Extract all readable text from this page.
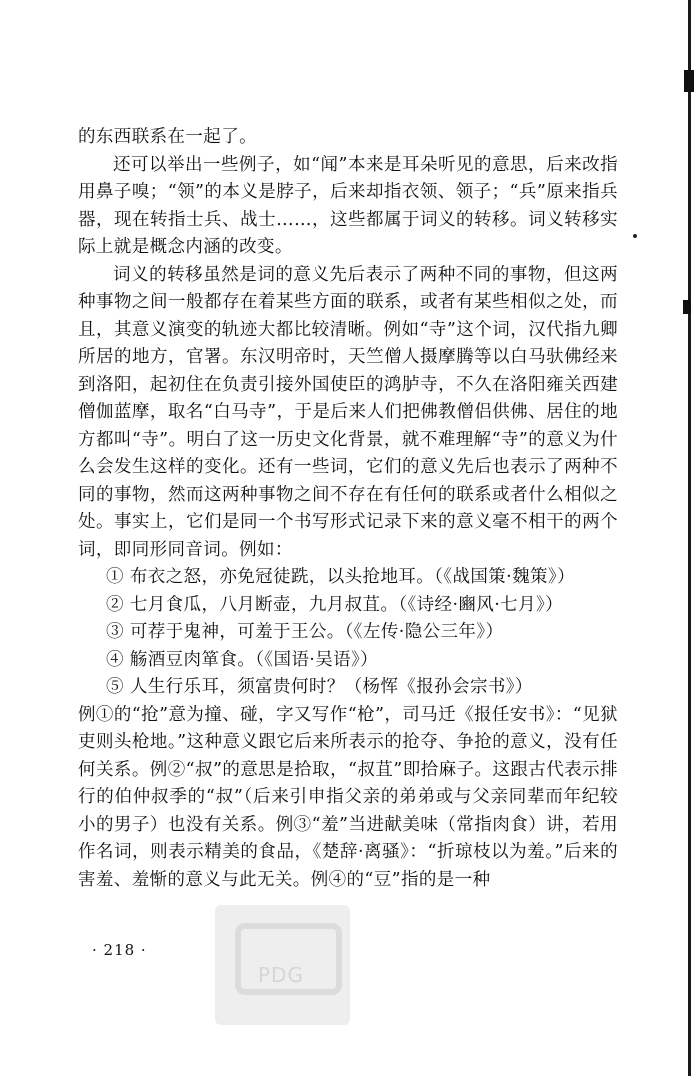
的东西联系在一起了。

还可以举出一些例子，如“闻”本来是耳朵听见的意思，后来改指用鼻子嗅；“领”的本义是脖子，后来却指衣领、领子；“兵”原来指兵器，现在转指士兵、战士……，这些都属于词义的转移。词义转移实际上就是概念内涵的改变。

词义的转移虽然是词的意义先后表示了两种不同的事物，但这两种事物之间一般都存在着某些方面的联系，或者有某些相似之处，而且，其意义演变的轨迹大都比较清晰。例如“寺”这个词，汉代指九卿所居的地方，官署。东汉明帝时，天竺僧人摄摩腾等以白马驮佛经来到洛阳，起初住在负责引接外国使臣的鸿胪寺，不久在洛阳雍关西建僧伽蓝摩，取名“白马寺”，于是后来人们把佛教僧侣供佛、居住的地方都叫“寺”。明白了这一历史文化背景，就不难理解“寺”的意义为什么会发生这样的变化。还有一些词，它们的意义先后也表示了两种不同的事物，然而这两种事物之间不存在有任何的联系或者什么相似之处。事实上，它们是同一个书写形式记录下来的意义毫不相干的两个词，即同形同音词。例如：

① 布衣之怒，亦免冠徒跣，以头抢地耳。（《战国策·魏策》）

② 七月食瓜，八月断壶，九月叔苴。（《诗经·豳风·七月》）

③ 可荐于鬼神，可羞于王公。（《左传·隐公三年》）

④ 觞酒豆肉箪食。（《国语·吴语》）

⑤ 人生行乐耳，须富贵何时？（杨恽《报孙会宗书》）

例①的“抢”意为撞、碰，字又写作“枪”，司马迁《报任安书》：“见狱吏则头枪地。”这种意义跟它后来所表示的抢夺、争抢的意义，没有任何关系。例②“叔”的意思是拾取，“叔苴”即拾麻子。这跟古代表示排行的伯仲叔季的“叔”（后来引申指父亲的弟弟或与父亲同辈而年纪较小的男子）也没有关系。例③“羞”当进献美味（常指肉食）讲，若用作名词，则表示精美的食品，《楚辞·离骚》：“折琼枝以为羞。”后来的害羞、羞惭的意义与此无关。例④的“豆”指的是一种

· 218 ·
PDG
